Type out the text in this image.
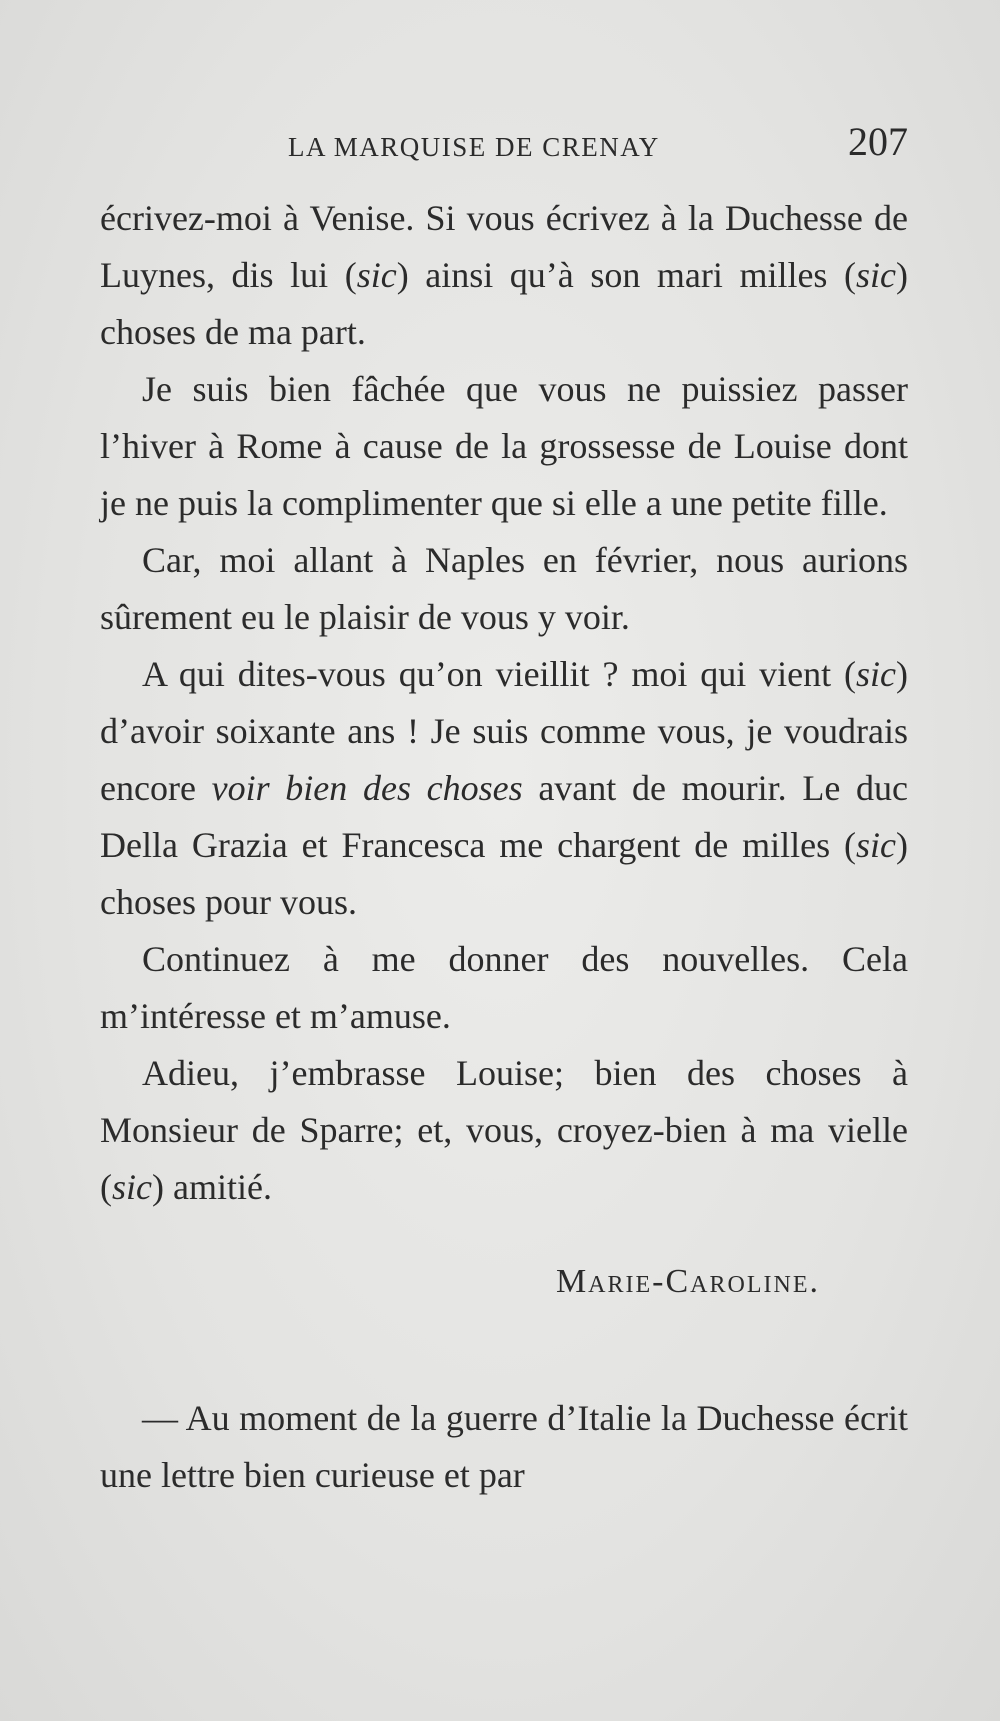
LA MARQUISE DE CRENAY	207

écrivez-moi à Venise. Si vous écrivez à la Duchesse de Luynes, dis lui (sic) ainsi qu’à son mari milles (sic) choses de ma part.

Je suis bien fâchée que vous ne puissiez passer l’hiver à Rome à cause de la grossesse de Louise dont je ne puis la complimenter que si elle a une petite fille.

Car, moi allant à Naples en février, nous aurions sûrement eu le plaisir de vous y voir.

A qui dites-vous qu’on vieillit ? moi qui vient (sic) d’avoir soixante ans ! Je suis comme vous, je voudrais encore voir bien des choses avant de mourir. Le duc Della Grazia et Francesca me chargent de milles (sic) choses pour vous.

Continuez à me donner des nouvelles. Cela m’intéresse et m’amuse.

Adieu, j’embrasse Louise; bien des choses à Monsieur de Sparre; et, vous, croyez-bien à ma vielle (sic) amitié.

Marie-Caroline.

— Au moment de la guerre d’Italie la Duchesse écrit une lettre bien curieuse et par
